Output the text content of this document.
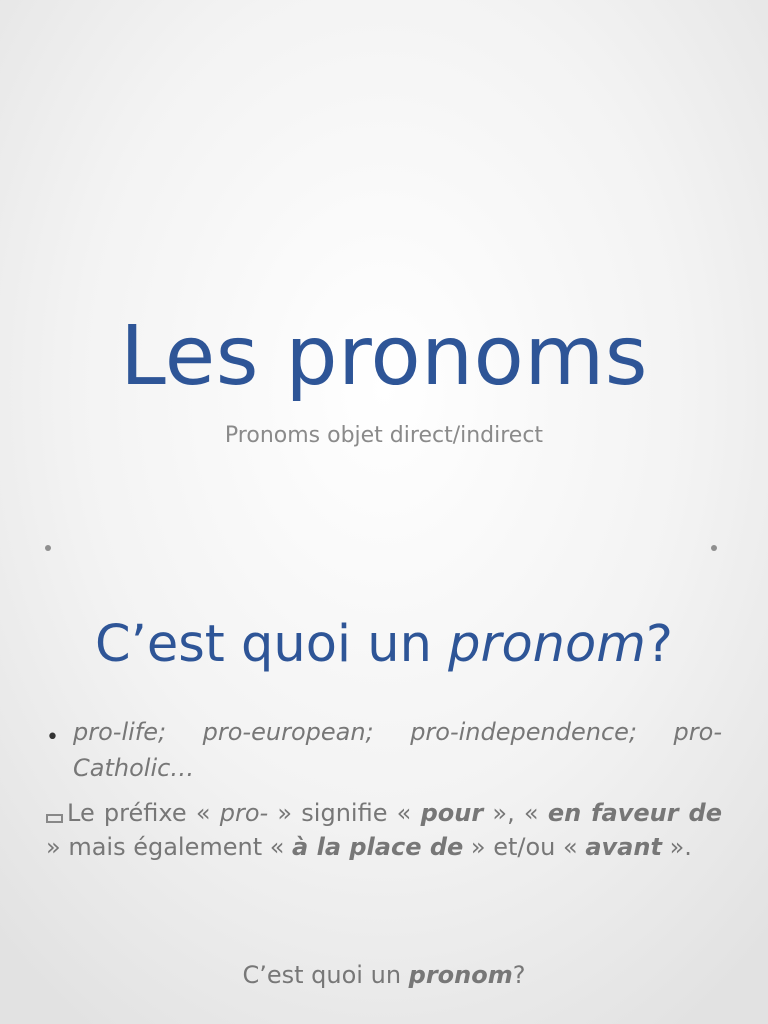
Les pronoms
Pronoms objet direct/indirect
C’est quoi un pronom?
• pro-life; pro-european; pro-independence; pro-Catholic…
Le préfixe « pro- » signifie « pour », « en faveur de » mais également « à la place de » et/ou « avant ».
C’est quoi un pronom?
